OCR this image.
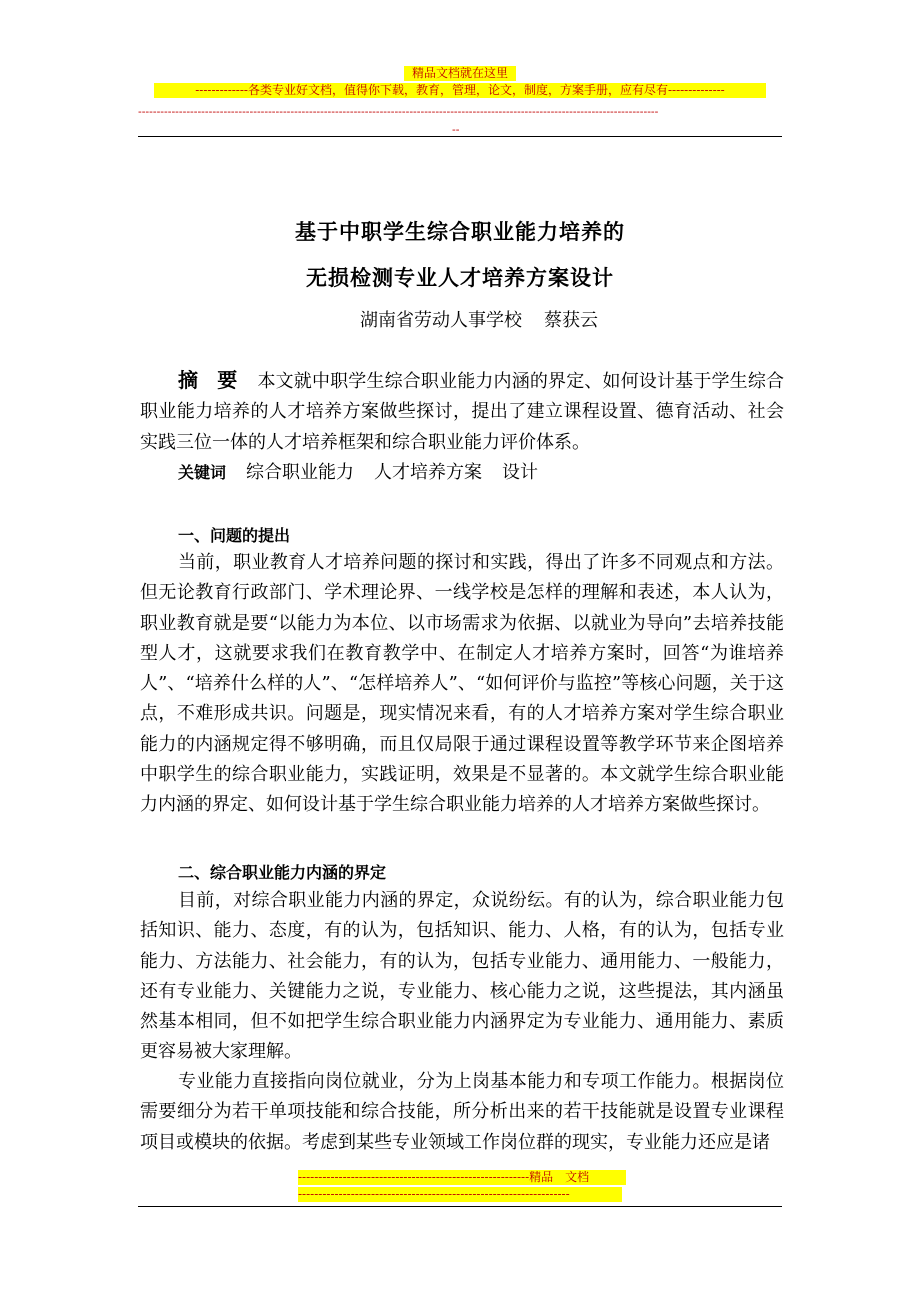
精品文档就在这里
-------------各类专业好文档，值得你下载，教育，管理，论文，制度，方案手册，应有尽有--------------
--------------------------------------------------------------------------------------------------------------------------------------------
--
基于中职学生综合职业能力培养的
无损检测专业人才培养方案设计
湖南省劳动人事学校 蔡获云
摘 要 本文就中职学生综合职业能力内涵的界定、如何设计基于学生综合职业能力培养的人才培养方案做些探讨，提出了建立课程设置、德育活动、社会实践三位一体的人才培养框架和综合职业能力评价体系。
关键词 综合职业能力 人才培养方案 设计
一、问题的提出
当前，职业教育人才培养问题的探讨和实践，得出了许多不同观点和方法。但无论教育行政部门、学术理论界、一线学校是怎样的理解和表述，本人认为，职业教育就是要“以能力为本位、以市场需求为依据、以就业为导向”去培养技能型人才，这就要求我们在教育教学中、在制定人才培养方案时，回答“为谁培养人”、“培养什么样的人”、“怎样培养人”、“如何评价与监控”等核心问题，关于这点，不难形成共识。问题是，现实情况来看，有的人才培养方案对学生综合职业能力的内涵规定得不够明确，而且仅局限于通过课程设置等教学环节来企图培养中职学生的综合职业能力，实践证明，效果是不显著的。本文就学生综合职业能力内涵的界定、如何设计基于学生综合职业能力培养的人才培养方案做些探讨。
二、综合职业能力内涵的界定
目前，对综合职业能力内涵的界定，众说纷纭。有的认为，综合职业能力包括知识、能力、态度，有的认为，包括知识、能力、人格，有的认为，包括专业能力、方法能力、社会能力，有的认为，包括专业能力、通用能力、一般能力，还有专业能力、关键能力之说，专业能力、核心能力之说，这些提法，其内涵虽然基本相同，但不如把学生综合职业能力内涵界定为专业能力、通用能力、素质更容易被大家理解。
专业能力直接指向岗位就业，分为上岗基本能力和专项工作能力。根据岗位需要细分为若干单项技能和综合技能，所分析出来的若干技能就是设置专业课程项目或模块的依据。考虑到某些专业领域工作岗位群的现实，专业能力还应是诸
---------------------------------------------------------精品　文档
-------------------------------------------------------------------
